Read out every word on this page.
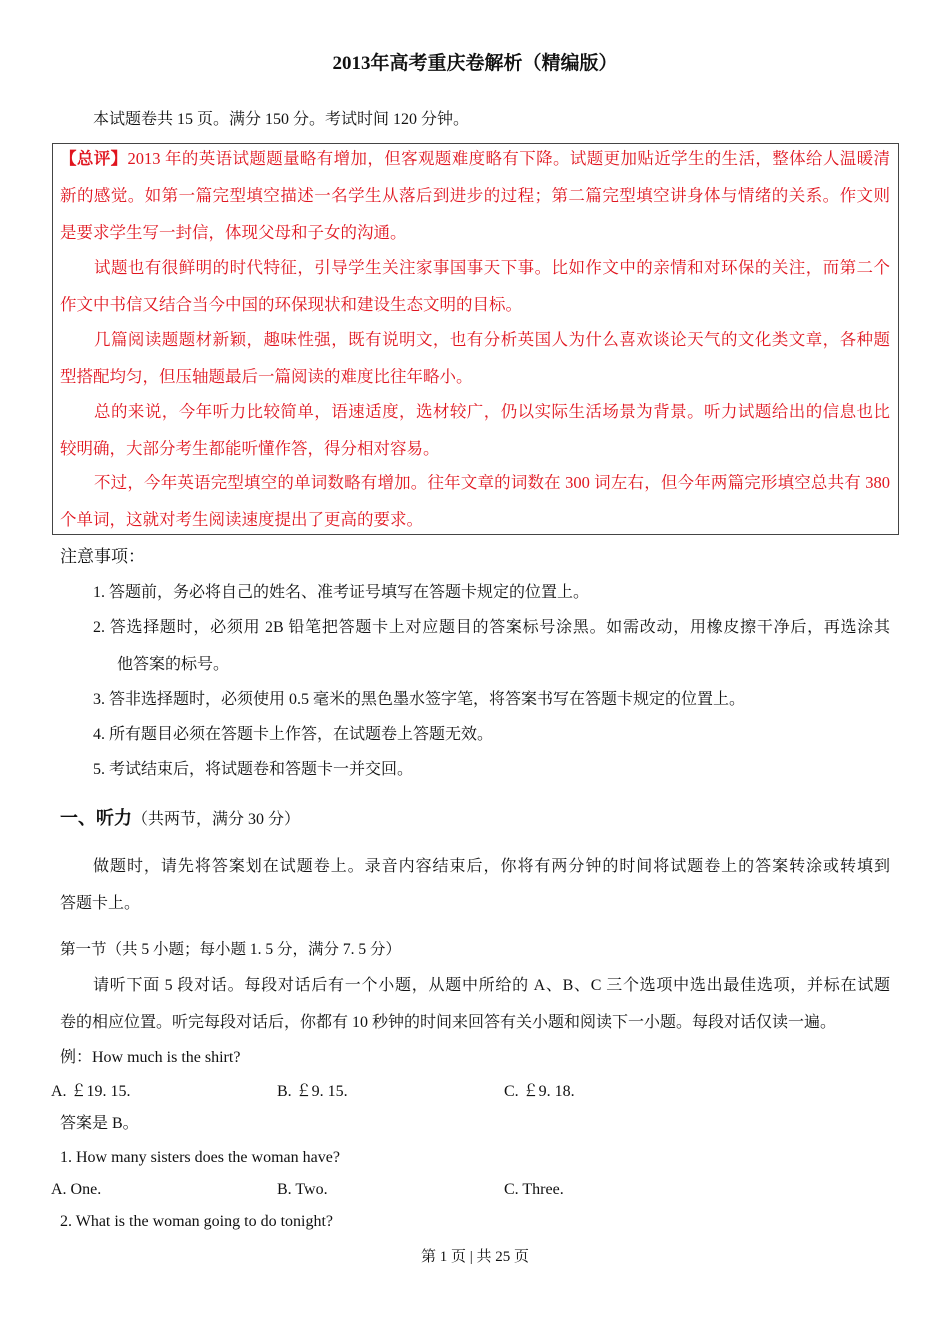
2013年高考重庆卷解析（精编版）
本试题卷共 15 页。满分 150 分。考试时间 120 分钟。
【总评】2013 年的英语试题题量略有增加，但客观题难度略有下降。试题更加贴近学生的生活，整体给人温暖清
新的感觉。如第一篇完型填空描述一名学生从落后到进步的过程；第二篇完型填空讲身体与情绪的关系。作文则
是要求学生写一封信，体现父母和子女的沟通。
试题也有很鲜明的时代特征，引导学生关注家事国事天下事。比如作文中的亲情和对环保的关注，而第二个
作文中书信又结合当今中国的环保现状和建设生态文明的目标。
几篇阅读题题材新颖，趣味性强，既有说明文，也有分析英国人为什么喜欢谈论天气的文化类文章，各种题
型搭配均匀，但压轴题最后一篇阅读的难度比往年略小。
总的来说，今年听力比较简单，语速适度，选材较广，仍以实际生活场景为背景。听力试题给出的信息也比
较明确，大部分考生都能听懂作答，得分相对容易。
不过，今年英语完型填空的单词数略有增加。往年文章的词数在 300 词左右，但今年两篇完形填空总共有 380
个单词，这就对考生阅读速度提出了更高的要求。
注意事项：
1. 答题前，务必将自己的姓名、准考证号填写在答题卡规定的位置上。
2. 答选择题时，必须用 2B 铅笔把答题卡上对应题目的答案标号涂黑。如需改动，用橡皮擦干净后，再选涂其
他答案的标号。
3. 答非选择题时，必须使用 0.5 毫米的黑色墨水签字笔，将答案书写在答题卡规定的位置上。
4. 所有题目必须在答题卡上作答，在试题卷上答题无效。
5. 考试结束后，将试题卷和答题卡一并交回。
一、听力（共两节，满分 30 分）
做题时，请先将答案划在试题卷上。录音内容结束后，你将有两分钟的时间将试题卷上的答案转涂或转填到
答题卡上。
第一节（共 5 小题；每小题 1. 5 分，满分 7. 5 分）
请听下面 5 段对话。每段对话后有一个小题，从题中所给的 A、B、C 三个选项中选出最佳选项，并标在试题
卷的相应位置。听完每段对话后，你都有 10 秒钟的时间来回答有关小题和阅读下一小题。每段对话仅读一遍。
例：How much is the shirt?
A. ￡19. 15.	B. ￡9. 15.	C. ￡9. 18.
答案是 B。
1. How many sisters does the woman have?
A. One.	B. Two.	C. Three.
2. What is the woman going to do tonight?
第 1 页 | 共 25 页
